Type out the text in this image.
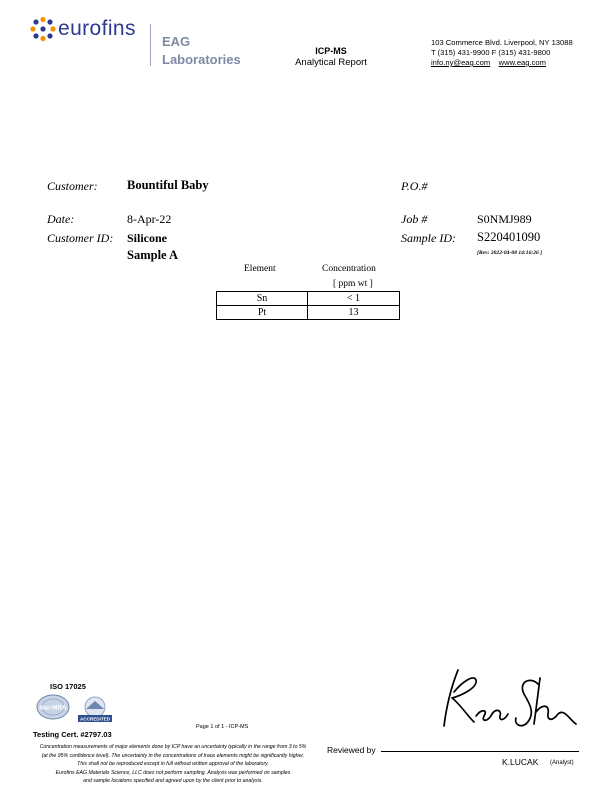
eurofins
EAG
Laboratories
ICP-MS
Analytical Report
103 Commerce Blvd. Liverpool, NY 13088
T (315) 431-9900 F (315) 431-9800
info.ny@eag.com www.eag.com
Customer: Bountiful Baby	P.O.#
Date:	8-Apr-22	Job #	S0NMJ989
Customer ID: Silicone	Sample ID: S220401090
Sample A	[Rev: 2022-04-08 14:16:26 ]
Element	Concentration
[ ppm wt ]
Sn	< 1
Pt	13
ISO 17025
ilac-MRA
ACCREDITED
Testing Cert. #2797.03
Page 1 of 1 - ICP-MS
Concentration measurements of major elements done by ICP have an uncertainty typically in the range from 3 to 5%
(at the 95% confidence level). The uncertainty in the concentrations of trace elements might be significantly higher.
This shall not be reproduced except in full without written approval of the laboratory.
Eurofins EAG Materials Science, LLC does not perform sampling. Analysis was performed on samples
and sample locations specified and agreed upon by the client prior to analysis.
Reviewed by
K.LUCAK (Analyst)
